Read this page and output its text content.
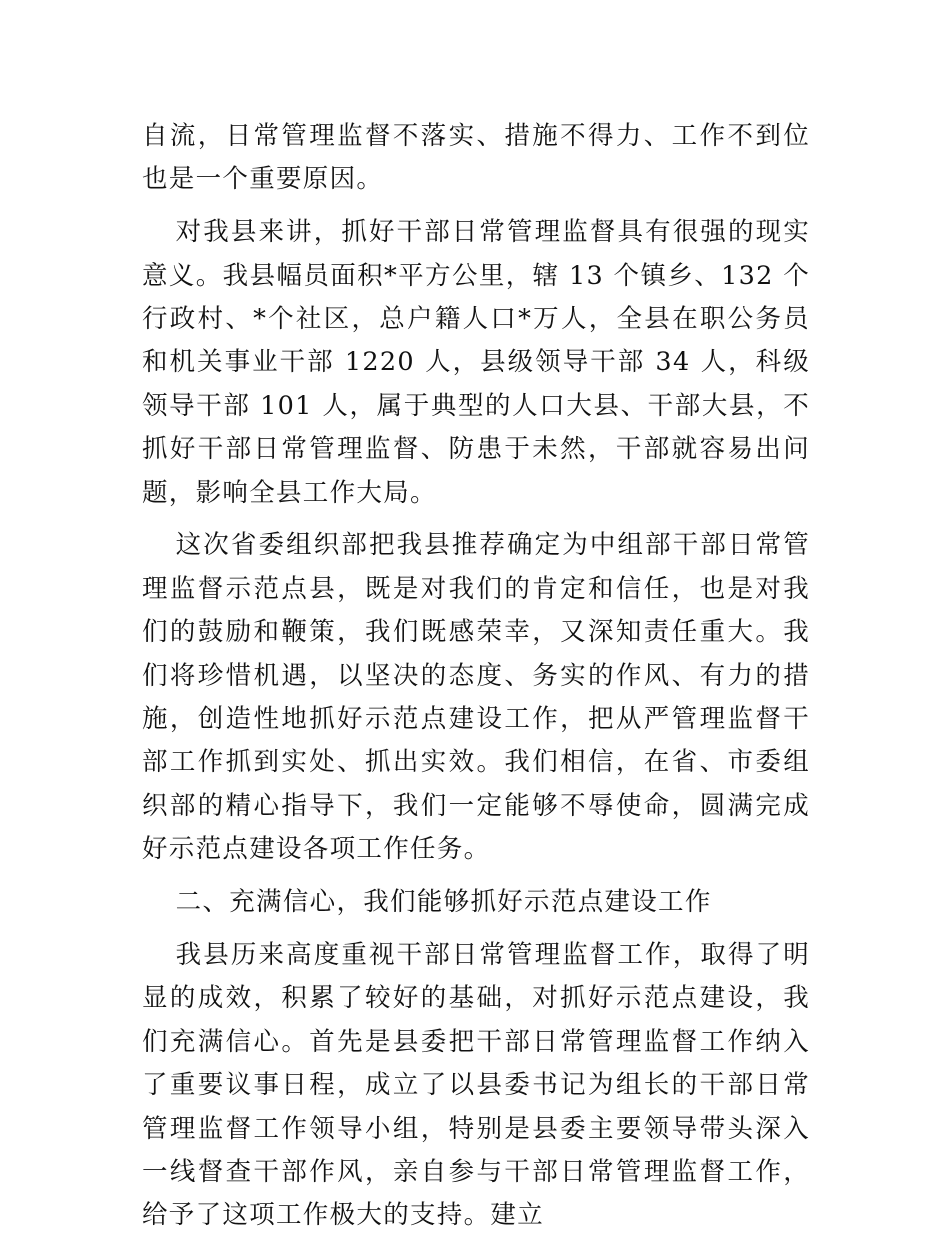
自流，日常管理监督不落实、措施不得力、工作不到位也是一个重要原因。

对我县来讲，抓好干部日常管理监督具有很强的现实意义。我县幅员面积*平方公里，辖 13 个镇乡、132 个行政村、*个社区，总户籍人口*万人，全县在职公务员和机关事业干部 1220 人，县级领导干部 34 人，科级领导干部 101 人，属于典型的人口大县、干部大县，不抓好干部日常管理监督、防患于未然，干部就容易出问题，影响全县工作大局。

这次省委组织部把我县推荐确定为中组部干部日常管理监督示范点县，既是对我们的肯定和信任，也是对我们的鼓励和鞭策，我们既感荣幸，又深知责任重大。我们将珍惜机遇，以坚决的态度、务实的作风、有力的措施，创造性地抓好示范点建设工作，把从严管理监督干部工作抓到实处、抓出实效。我们相信，在省、市委组织部的精心指导下，我们一定能够不辱使命，圆满完成好示范点建设各项工作任务。

二、充满信心，我们能够抓好示范点建设工作

我县历来高度重视干部日常管理监督工作，取得了明显的成效，积累了较好的基础，对抓好示范点建设，我们充满信心。首先是县委把干部日常管理监督工作纳入了重要议事日程，成立了以县委书记为组长的干部日常管理监督工作领导小组，特别是县委主要领导带头深入一线督查干部作风，亲自参与干部日常管理监督工作，给予了这项工作极大的支持。建立
